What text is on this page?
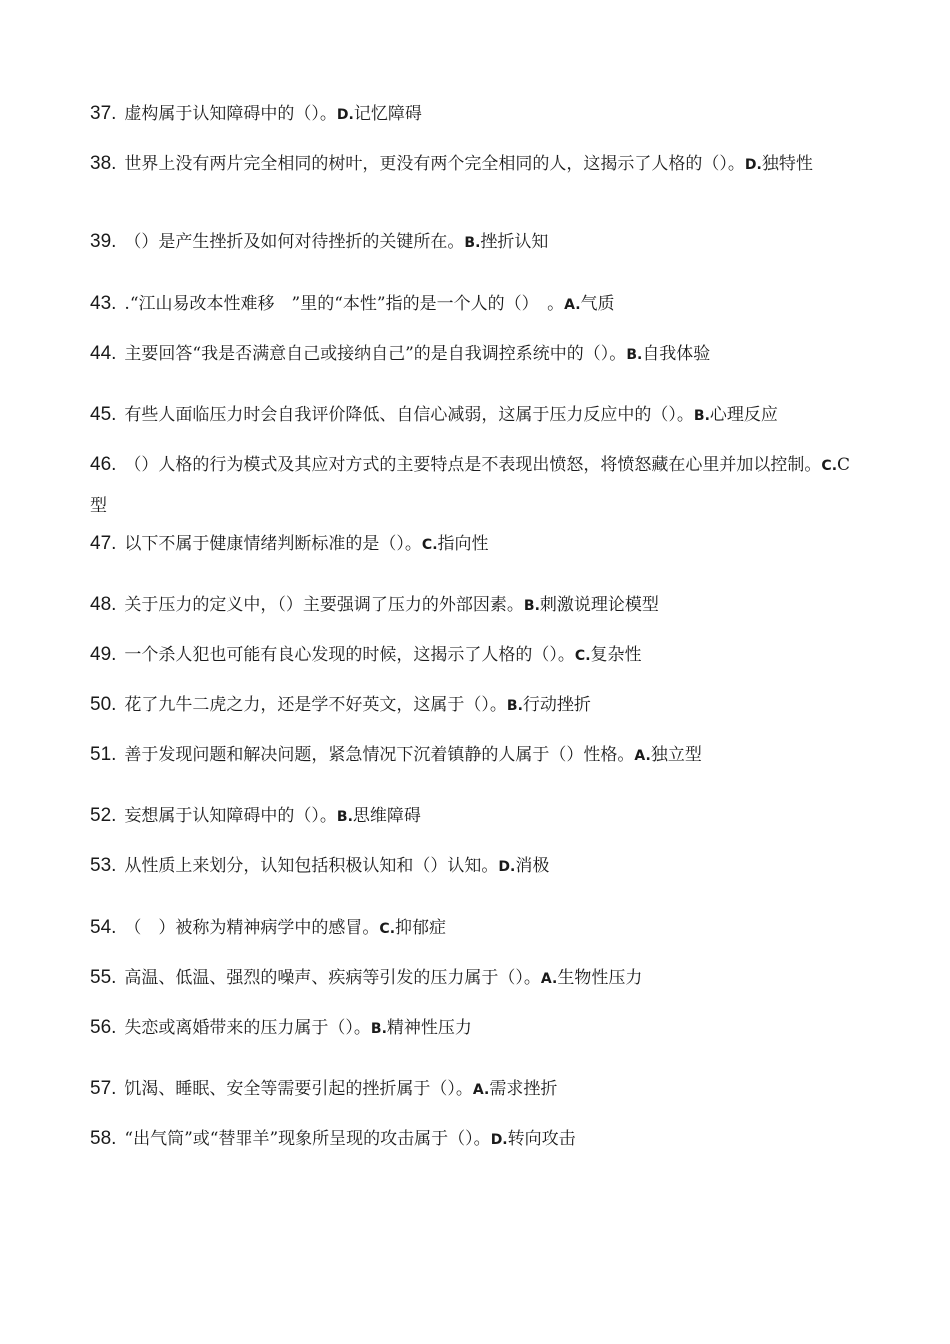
37. 虚构属于认知障碍中的（）。D.记忆障碍
38. 世界上没有两片完全相同的树叶，更没有两个完全相同的人，这揭示了人格的（）。D.独特性
39. （）是产生挫折及如何对待挫折的关键所在。B.挫折认知
43. .“江山易改本性难移　”里的“本性”指的是一个人的（）　。A.气质
44. 主要回答“我是否满意自己或接纳自己”的是自我调控系统中的（）。B.自我体验
45. 有些人面临压力时会自我评价降低、自信心减弱，这属于压力反应中的（）。B.心理反应
46. （）人格的行为模式及其应对方式的主要特点是不表现出愤怒，将愤怒藏在心里并加以控制。C.C 型
47. 以下不属于健康情绪判断标准的是（）。C.指向性
48. 关于压力的定义中，（）主要强调了压力的外部因素。B.刺激说理论模型
49. 一个杀人犯也可能有良心发现的时候，这揭示了人格的（）。C.复杂性
50. 花了九牛二虎之力，还是学不好英文，这属于（）。B.行动挫折
51. 善于发现问题和解决问题，紧急情况下沉着镇静的人属于（）性格。A.独立型
52. 妄想属于认知障碍中的（）。B.思维障碍
53. 从性质上来划分，认知包括积极认知和（）认知。D.消极
54. （　）被称为精神病学中的感冒。C.抑郁症
55. 高温、低温、强烈的噪声、疾病等引发的压力属于（）。A.生物性压力
56. 失恋或离婚带来的压力属于（）。B.精神性压力
57. 饥渴、睡眠、安全等需要引起的挫折属于（）。A.需求挫折
58. “出气筒”或“替罪羊”现象所呈现的攻击属于（）。D.转向攻击
